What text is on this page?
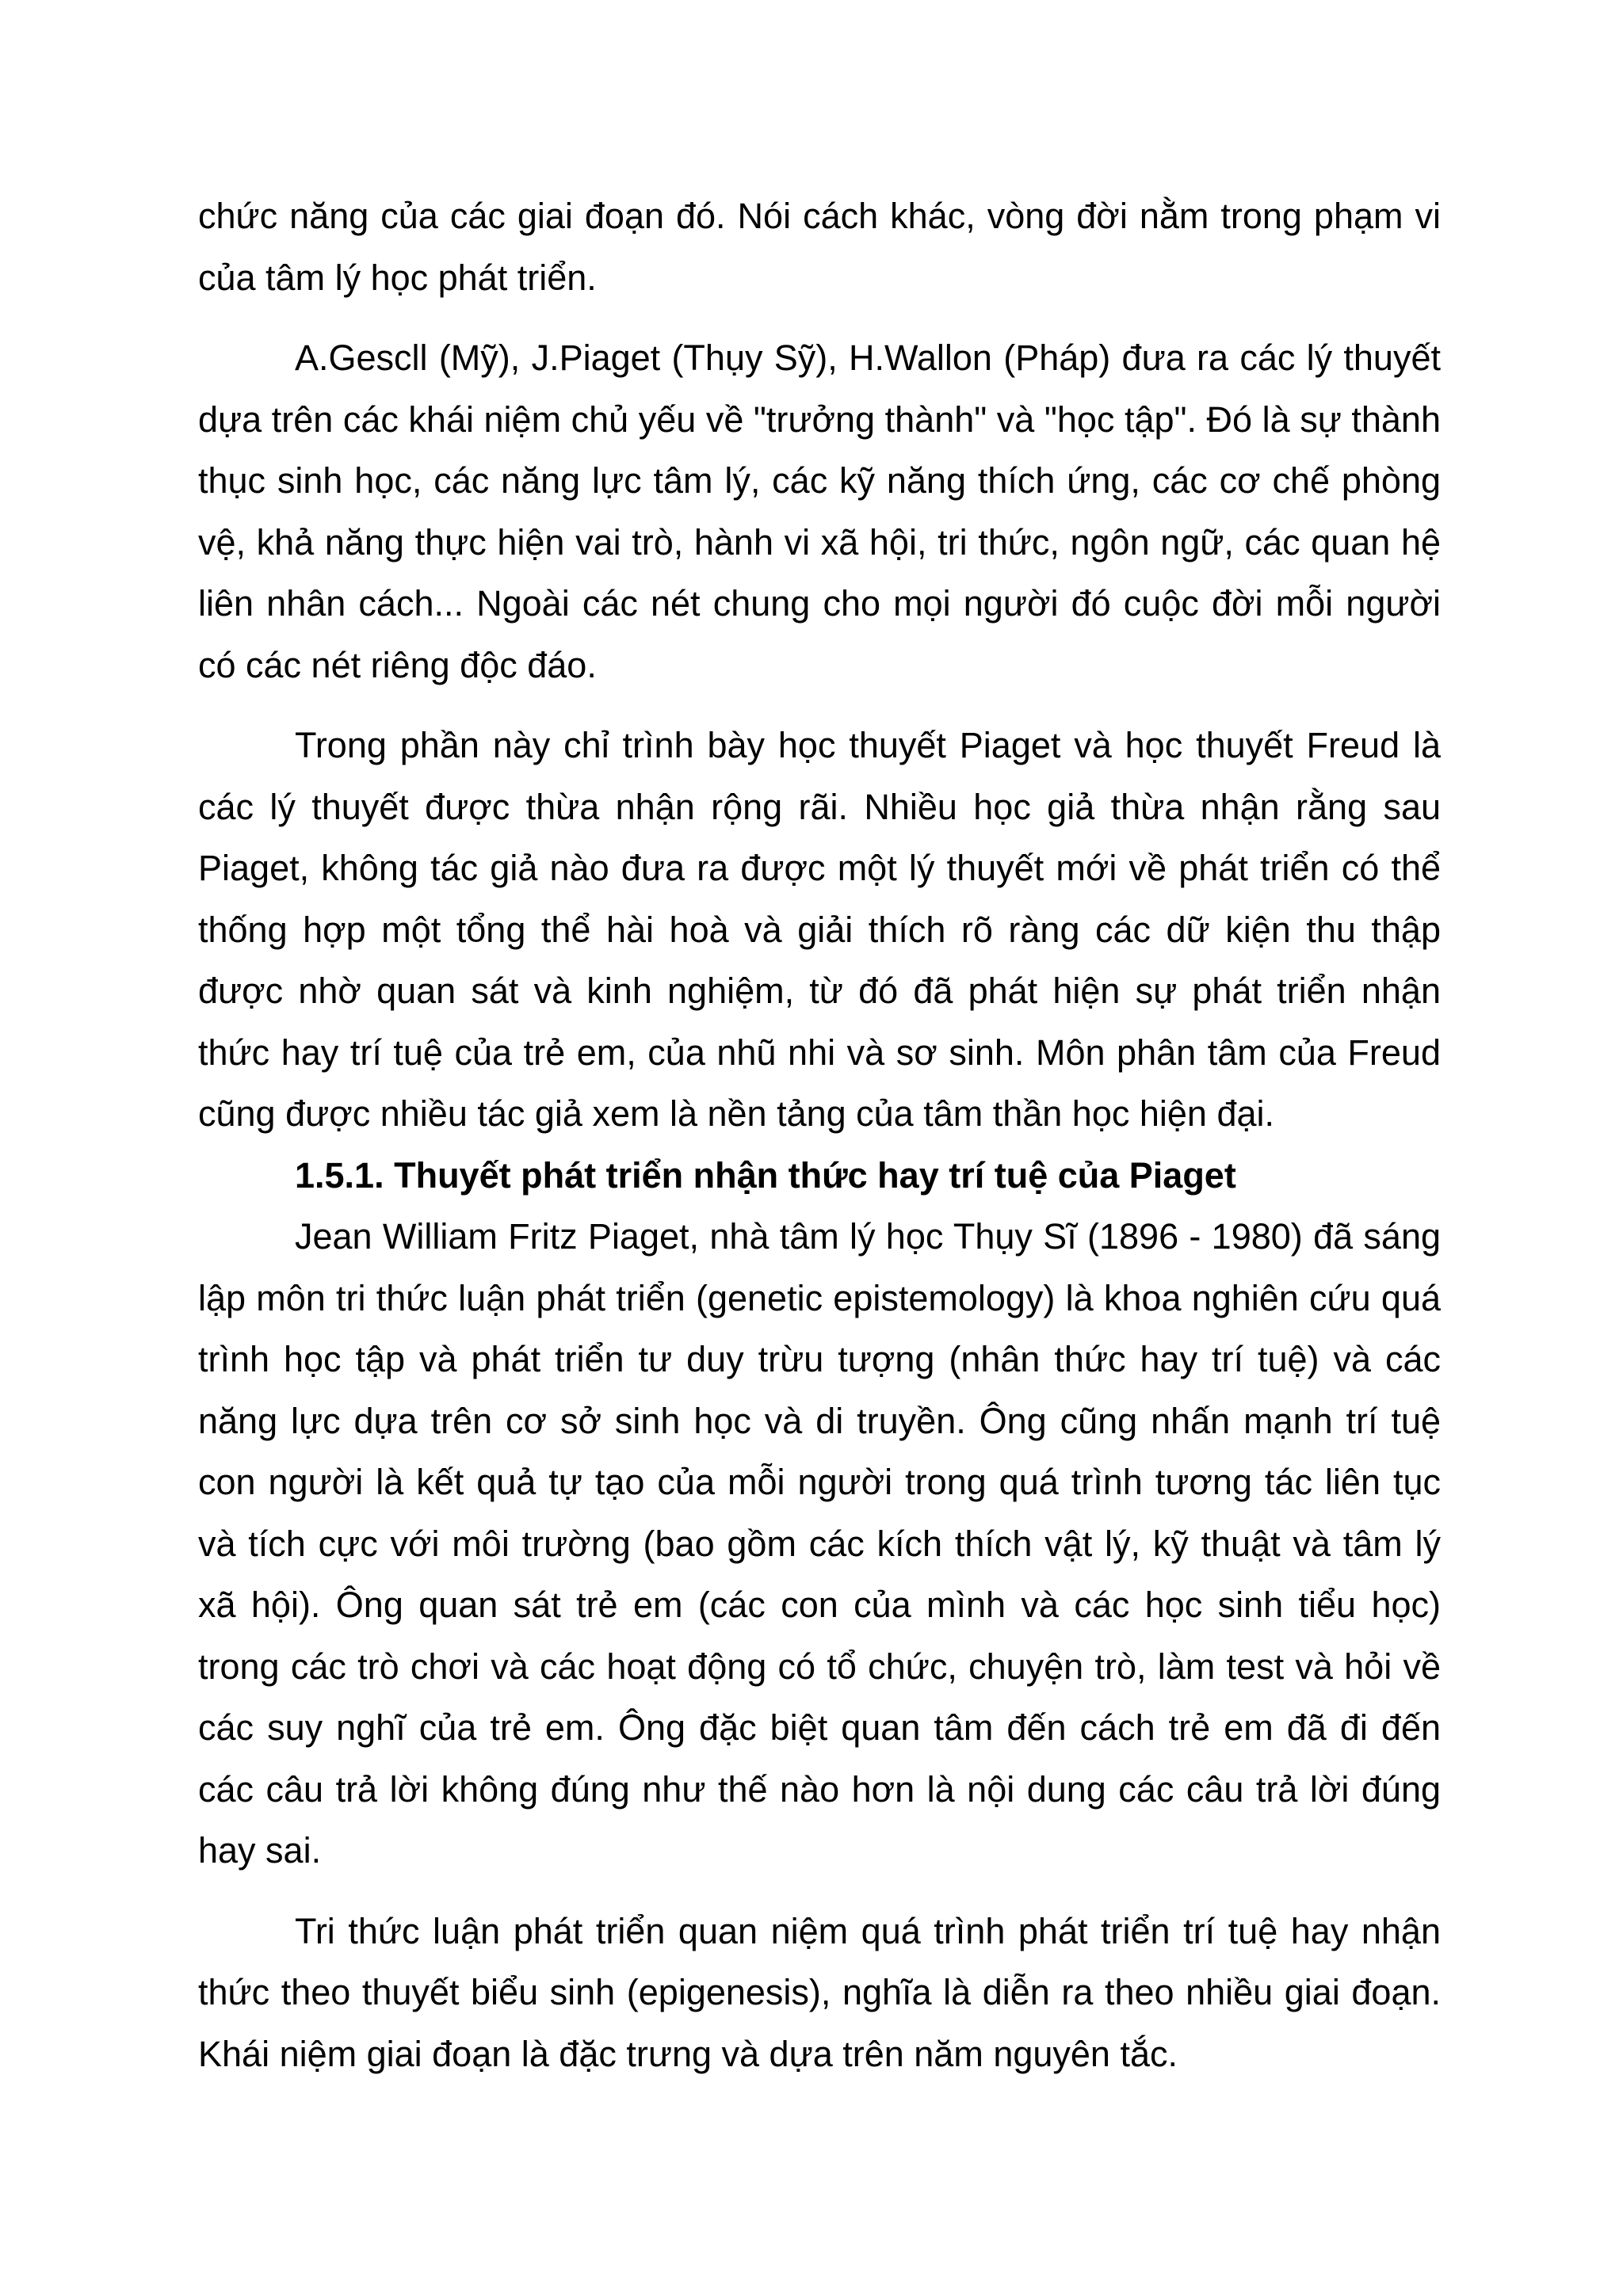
chức năng của các giai đoạn đó. Nói cách khác, vòng đời nằm trong phạm vi của tâm lý học phát triển.

A.Gescll (Mỹ), J.Piaget (Thụy Sỹ), H.Wallon (Pháp) đưa ra các lý thuyết dựa trên các khái niệm chủ yếu về "trưởng thành" và "học tập". Đó là sự thành thục sinh học, các năng lực tâm lý, các kỹ năng thích ứng, các cơ chế phòng vệ, khả năng thực hiện vai trò, hành vi xã hội, tri thức, ngôn ngữ, các quan hệ liên nhân cách... Ngoài các nét chung cho mọi người đó cuộc đời mỗi người có các nét riêng độc đáo.

Trong phần này chỉ trình bày học thuyết Piaget và học thuyết Freud là các lý thuyết được thừa nhận rộng rãi. Nhiều học giả thừa nhận rằng sau Piaget, không tác giả nào đưa ra được một lý thuyết mới về phát triển có thể thống hợp một tổng thể hài hoà và giải thích rõ ràng các dữ kiện thu thập được nhờ quan sát và kinh nghiệm, từ đó đã phát hiện sự phát triển nhận thức hay trí tuệ của trẻ em, của nhũ nhi và sơ sinh. Môn phân tâm của Freud cũng được nhiều tác giả xem là nền tảng của tâm thần học hiện đại.

1.5.1. Thuyết phát triển nhận thức hay trí tuệ của Piaget

Jean William Fritz Piaget, nhà tâm lý học Thụy Sĩ (1896 - 1980) đã sáng lập môn tri thức luận phát triển (genetic epistemology) là khoa nghiên cứu quá trình học tập và phát triển tư duy trừu tượng (nhân thức hay trí tuệ) và các năng lực dựa trên cơ sở sinh học và di truyền. Ông cũng nhấn mạnh trí tuệ con người là kết quả tự tạo của mỗi người trong quá trình tương tác liên tục và tích cực với môi trường (bao gồm các kích thích vật lý, kỹ thuật và tâm lý xã hội). Ông quan sát trẻ em (các con của mình và các học sinh tiểu học) trong các trò chơi và các hoạt động có tổ chức, chuyện trò, làm test và hỏi về các suy nghĩ của trẻ em. Ông đặc biệt quan tâm đến cách trẻ em đã đi đến các câu trả lời không đúng như thế nào hơn là nội dung các câu trả lời đúng hay sai.

Tri thức luận phát triển quan niệm quá trình phát triển trí tuệ hay nhận thức theo thuyết biểu sinh (epigenesis), nghĩa là diễn ra theo nhiều giai đoạn. Khái niệm giai đoạn là đặc trưng và dựa trên năm nguyên tắc.
